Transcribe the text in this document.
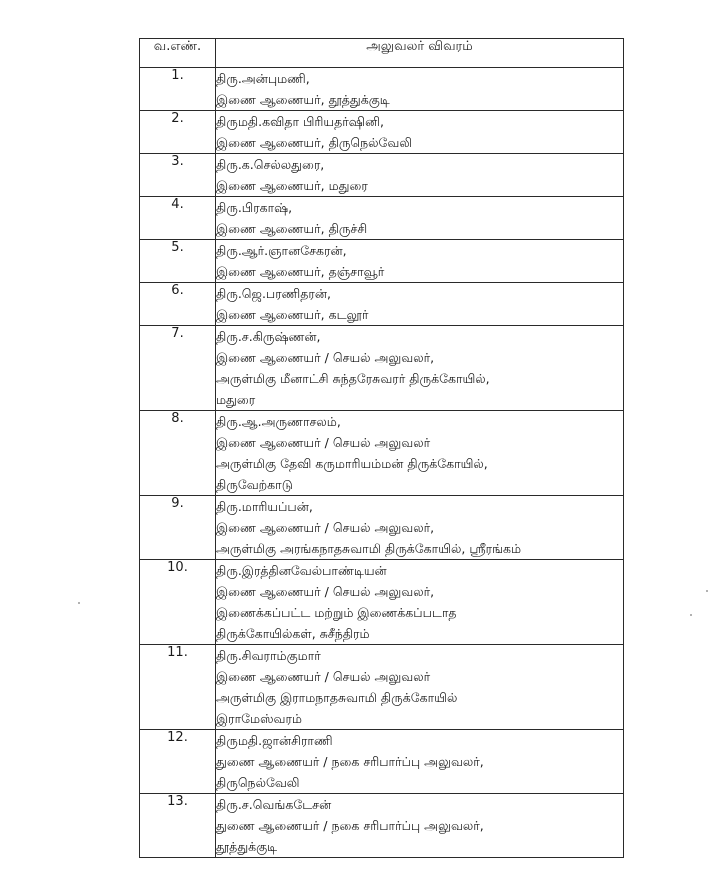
வ.எண்.	அலுவலர் விவரம்
1.	திரு.அன்புமணி,
இணை ஆணையர், தூத்துக்குடி

2.	திருமதி.கவிதா பிரியதர்ஷினி,
இணை ஆணையர், திருநெல்வேலி

3.	திரு.க.செல்லதுரை,
இணை ஆணையர், மதுரை

4.	திரு.பிரகாஷ்,
இணை ஆணையர், திருச்சி

5.	திரு.ஆர்.ஞானசேகரன்,
இணை ஆணையர், தஞ்சாவூர்

6.	திரு.ஜெ.பரணிதரன்,
இணை ஆணையர், கடலூர்

7.	திரு.ச.கிருஷ்ணன்,
இணை ஆணையர் / செயல் அலுவலர்,
அருள்மிகு மீனாட்சி சுந்தரேசுவரர் திருக்கோயில்,
மதுரை

8.	திரு.ஆ.அருணாசலம்,
இணை ஆணையர் / செயல் அலுவலர்
அருள்மிகு தேவி கருமாரியம்மன் திருக்கோயில்,
திருவேற்காடு

9.	திரு.மாரியப்பன்,
இணை ஆணையர் / செயல் அலுவலர்,
அருள்மிகு அரங்கநாதசுவாமி திருக்கோயில், ஸ்ரீரங்கம்

10.	திரு.இரத்தினவேல்பாண்டியன்
இணை ஆணையர் / செயல் அலுவலர்,
இணைக்கப்பட்ட மற்றும் இணைக்கப்படாத
திருக்கோயில்கள், சுசீந்திரம்

11.	திரு.சிவராம்குமார்
இணை ஆணையர் / செயல் அலுவலர்
அருள்மிகு இராமநாதசுவாமி திருக்கோயில்
இராமேஸ்வரம்

12.	திருமதி.ஜான்சிராணி
துணை ஆணையர் / நகை சரிபார்ப்பு அலுவலர்,
திருநெல்வேலி

13.	திரு.ச.வெங்கடேசன்
துணை ஆணையர் / நகை சரிபார்ப்பு அலுவலர்,
தூத்துக்குடி
